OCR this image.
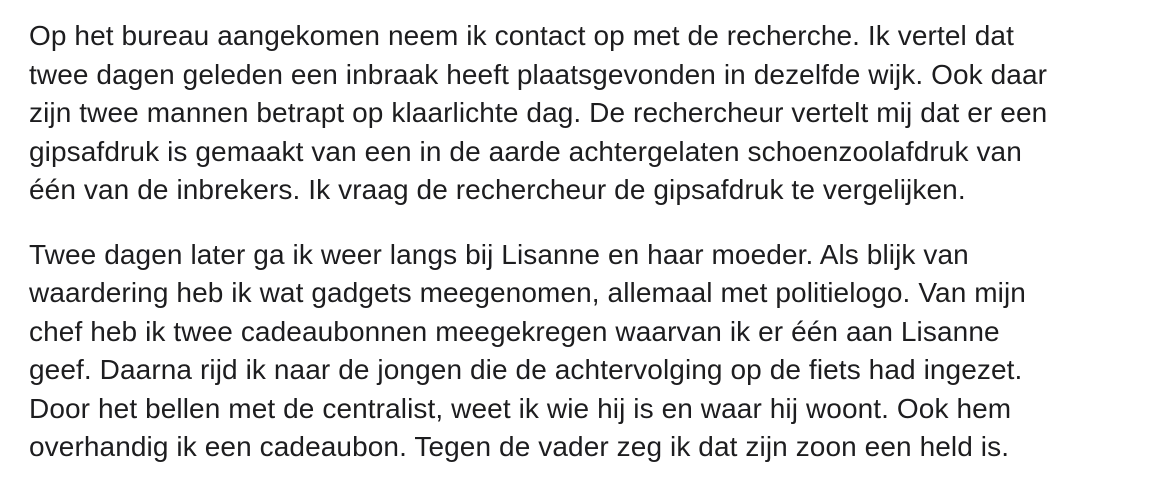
Op het bureau aangekomen neem ik contact op met de recherche. Ik vertel dat
twee dagen geleden een inbraak heeft plaatsgevonden in dezelfde wijk. Ook daar
zijn twee mannen betrapt op klaarlichte dag. De rechercheur vertelt mij dat er een
gipsafdruk is gemaakt van een in de aarde achtergelaten schoenzoolafdruk van
één van de inbrekers. Ik vraag de rechercheur de gipsafdruk te vergelijken.
Twee dagen later ga ik weer langs bij Lisanne en haar moeder. Als blijk van
waardering heb ik wat gadgets meegenomen, allemaal met politielogo. Van mijn
chef heb ik twee cadeaubonnen meegekregen waarvan ik er één aan Lisanne
geef. Daarna rijd ik naar de jongen die de achtervolging op de fiets had ingezet.
Door het bellen met de centralist, weet ik wie hij is en waar hij woont. Ook hem
overhandig ik een cadeaubon. Tegen de vader zeg ik dat zijn zoon een held is.
